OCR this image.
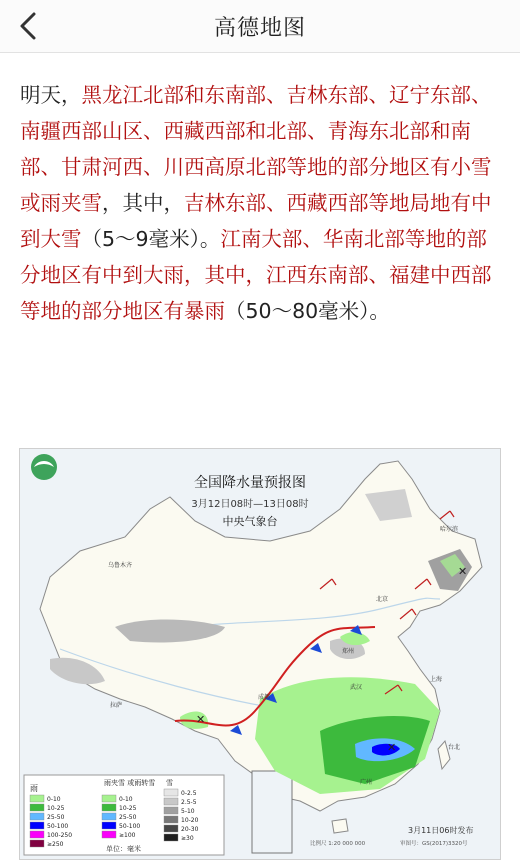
高德地图
明天，黑龙江北部和东南部、吉林东部、辽宁东部、南疆西部山区、西藏西部和北部、青海东北部和南部、甘肃河西、川西高原北部等地的部分地区有小雪或雨夹雪，其中，吉林东部、西藏西部等地局地有中到大雪（5～9毫米）。江南大部、华南北部等地的部分地区有中到大雨，其中，江西东南部、福建中西部等地的部分地区有暴雨（50～80毫米）。
✕
✕
✕
全国降水量预报图
3月12日08时—13日08时
中央气象台
乌鲁木齐
北京
拉萨
成都
郑州
武汉
上海
台北
广州
哈尔滨
雨
雨夹雪 或雨转雪 雪
0-10
10-25
25-50
50-100
100-250
≥250
0-10
10-25
25-50
50-100
≥100
0-2.5
2.5-5
5-10
10-20
20-30
≥30
单位：毫米
3月11日06时发布
比例尺 1:20 000 000	审图号：GS(2017)3320号
